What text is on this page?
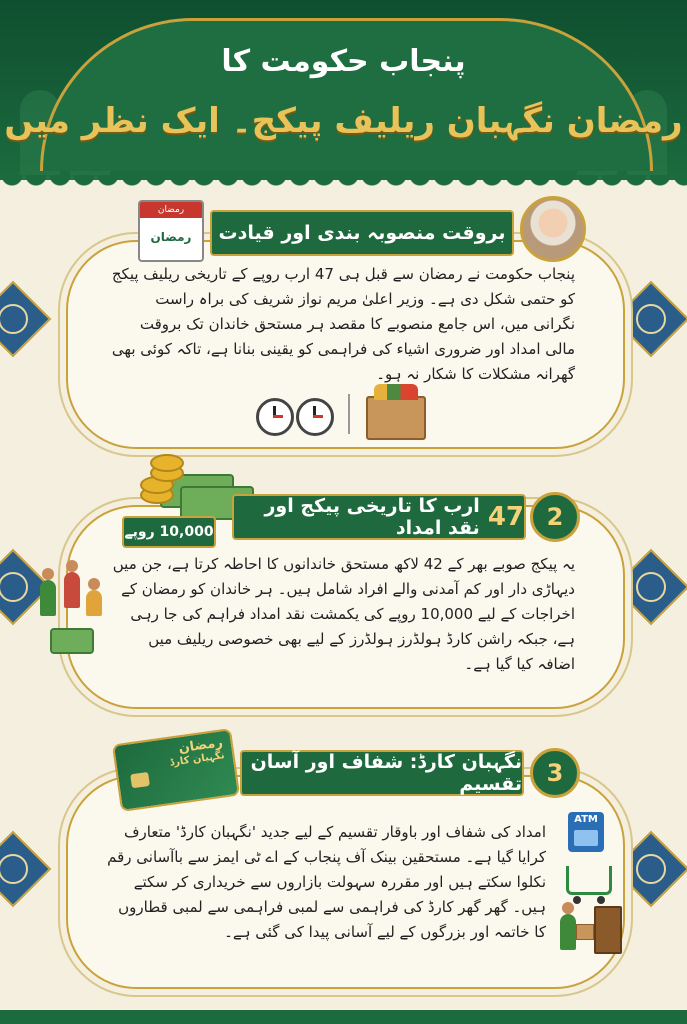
پنجاب حکومت کا
رمضان نگہبان ریلیف پیکج۔ ایک نظر میں
بروقت منصوبہ بندی اور قیادت
رمضان
رمضان
پنجاب حکومت نے رمضان سے قبل ہی 47 ارب روپے کے تاریخی ریلیف پیکج کو حتمی شکل دی ہے۔ وزیر اعلیٰ مریم نواز شریف کی براہ راست نگرانی میں، اس جامع منصوبے کا مقصد ہر مستحق خاندان تک بروقت مالی امداد اور ضروری اشیاء کی فراہمی کو یقینی بنانا ہے، تاکہ کوئی بھی گھرانہ مشکلات کا شکار نہ ہو۔
10,000 روپے	47
ارب کا تاریخی پیکج اور نقد امداد	2
یہ پیکج صوبے بھر کے 42 لاکھ مستحق خاندانوں کا احاطہ کرتا ہے، جن میں دیہاڑی دار اور کم آمدنی والے افراد شامل ہیں۔ ہر خاندان کو رمضان کے اخراجات کے لیے 10,000 روپے کی یکمشت نقد امداد فراہم کی جا رہی ہے، جبکہ راشن کارڈ ہولڈرز ہولڈرز کے لیے بھی خصوصی ریلیف میں اضافہ کیا گیا ہے۔
رمضان
نگہبان کارڈ	نگہبان کارڈ: شفاف اور آسان تقسیم	3
امداد کی شفاف اور باوقار تقسیم کے لیے جدید 'نگہبان کارڈ' متعارف کرایا گیا ہے۔ مستحقین بینک آف پنجاب کے اے ٹی ایمز سے باآسانی رقم نکلوا سکتے ہیں اور مقررہ سہولت بازاروں سے خریداری کر سکتے ہیں۔ گھر گھر کارڈ کی فراہمی سے لمبی فراہمی سے لمبی قطاروں کا خاتمہ اور بزرگوں کے لیے آسانی پیدا کی گئی ہے۔
ATM
